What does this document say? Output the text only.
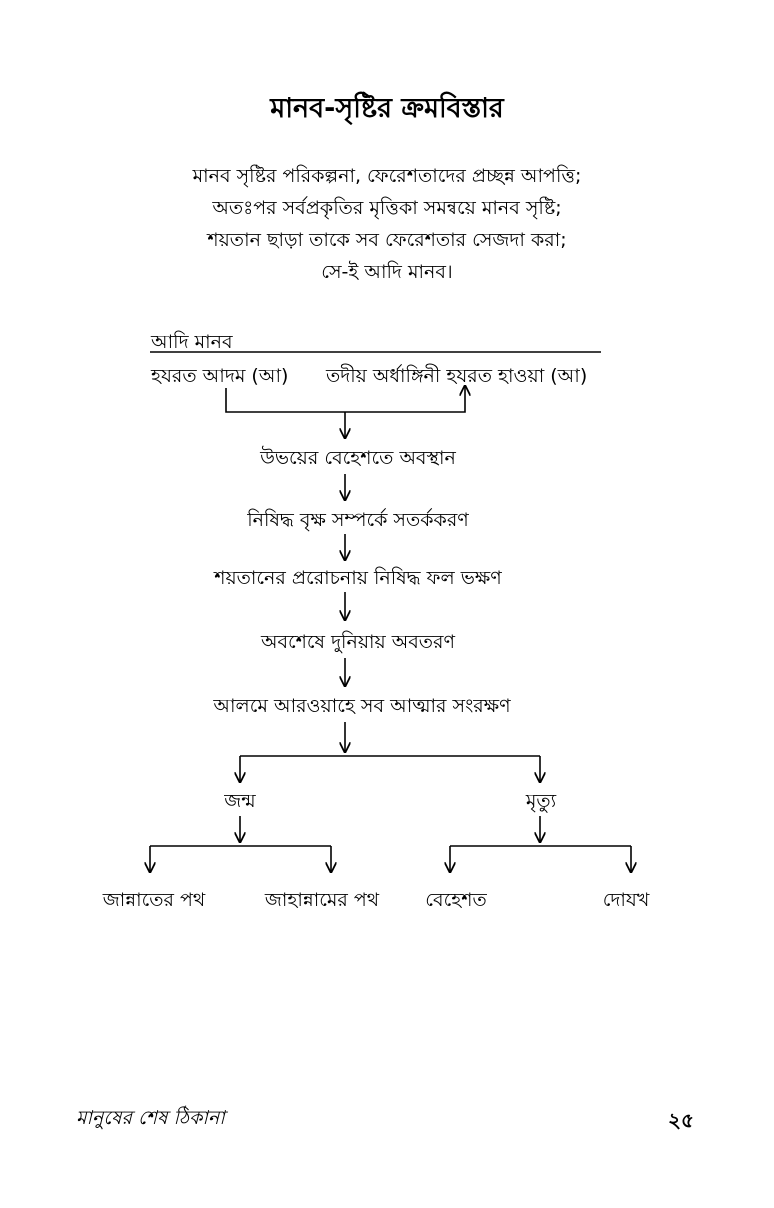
মানব-সৃষ্টির ক্রমবিস্তার
মানব সৃষ্টির পরিকল্পনা, ফেরেশতাদের প্রচ্ছন্ন আপত্তি;
অতঃপর সর্বপ্রকৃতির মৃত্তিকা সমন্বয়ে মানব সৃষ্টি;
শয়তান ছাড়া তাকে সব ফেরেশতার সেজদা করা;
সে-ই আদি মানব।
আদি মানব
হযরত আদম (আ) তদীয় অর্ধাঙ্গিনী হযরত হাওয়া (আ)
উভয়ের বেহেশতে অবস্থান
নিষিদ্ধ বৃক্ষ সম্পর্কে সতর্ককরণ
শয়তানের প্ররোচনায় নিষিদ্ধ ফল ভক্ষণ
অবশেষে দুনিয়ায় অবতরণ
আলমে আরওয়াহে সব আত্মার সংরক্ষণ
জন্ম	মৃত্যু
জান্নাতের পথ	জাহান্নামের পথ বেহেশত	দোযখ
মানুষের শেষ ঠিকানা	২৫
